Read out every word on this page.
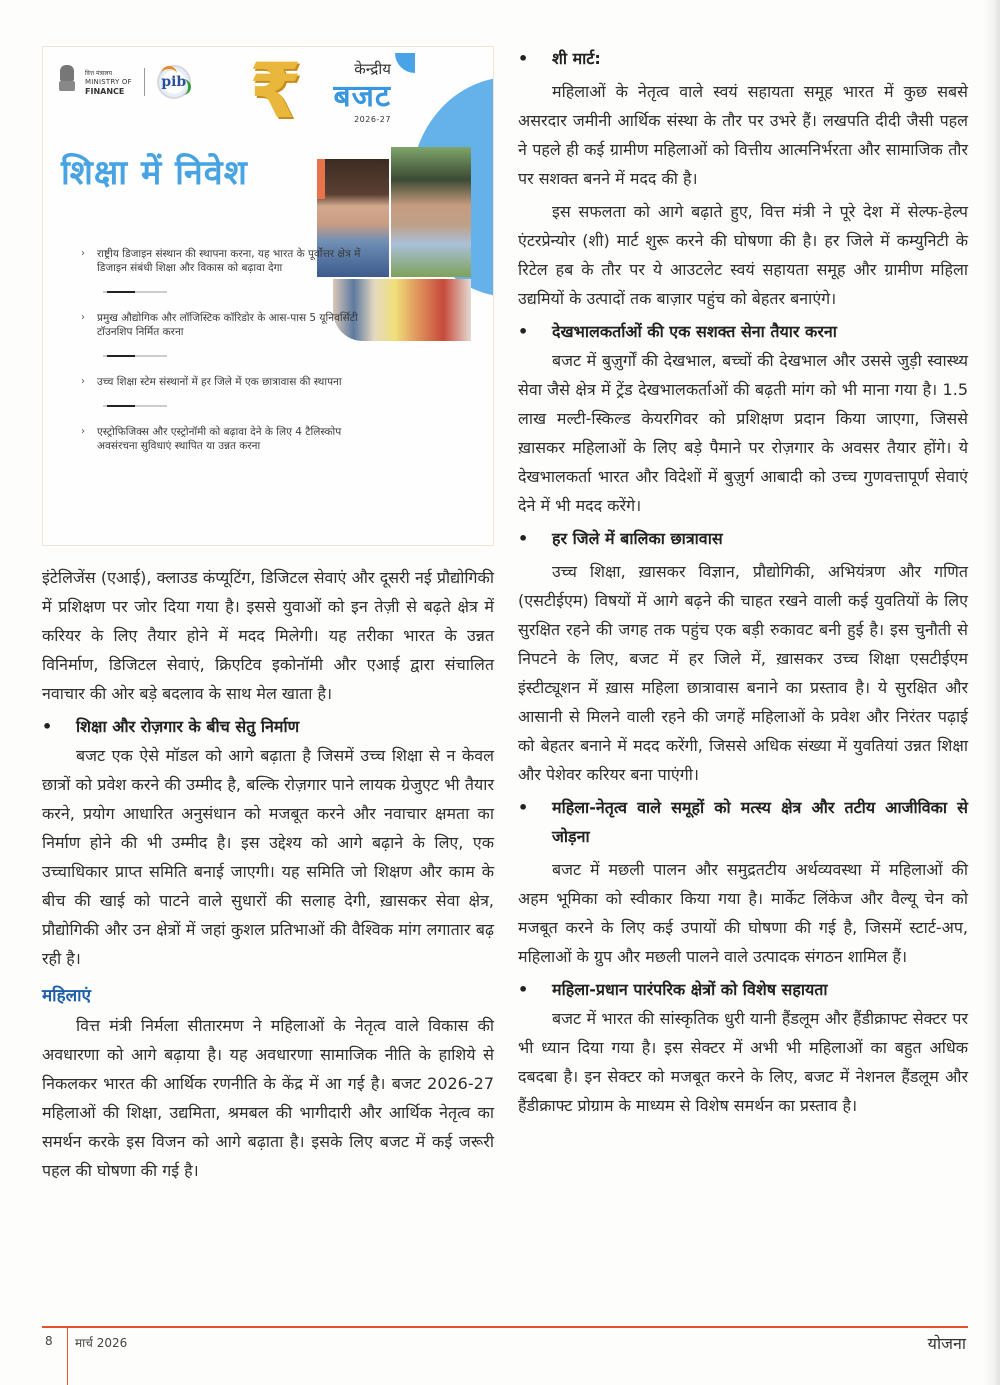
वित्त मंत्रालय
MINISTRY OF
FINANCE
pib ₹	केन्द्रीय
बजट
2026-27
शिक्षा में निवेश
› राष्ट्रीय डिजाइन संस्थान की स्थापना करना, यह भारत के पूर्वोत्तर क्षेत्र में डिजाइन संबंधी शिक्षा और विकास को बढ़ावा देगा
› प्रमुख औद्योगिक और लॉजिस्टिक कॉरिडोर के आस-पास 5 यूनिवर्सिटी टॉउनशिप निर्मित करना
› उच्च शिक्षा स्टेम संस्थानों में हर जिले में एक छात्रावास की स्थापना
› एस्ट्रोफिजिक्स और एस्ट्रोनॉमी को बढ़ावा देने के लिए 4 टैलिस्कोप अवसंरचना सुविधाएं स्थापित या उन्नत करना

इंटेलिजेंस (एआई), क्लाउड कंप्यूटिंग, डिजिटल सेवाएं और दूसरी नई प्रौद्योगिकी में प्रशिक्षण पर जोर दिया गया है। इससे युवाओं को इन तेज़ी से बढ़ते क्षेत्र में करियर के लिए तैयार होने में मदद मिलेगी। यह तरीका भारत के उन्नत विनिर्माण, डिजिटल सेवाएं, क्रिएटिव इकोनॉमी और एआई द्वारा संचालित नवाचार की ओर बड़े बदलाव के साथ मेल खाता है।

•	शिक्षा और रोज़गार के बीच सेतु निर्माण

बजट एक ऐसे मॉडल को आगे बढ़ाता है जिसमें उच्च शिक्षा से न केवल छात्रों को प्रवेश करने की उम्मीद है, बल्कि रोज़गार पाने लायक ग्रेजुएट भी तैयार करने, प्रयोग आधारित अनुसंधान को मजबूत करने और नवाचार क्षमता का निर्माण होने की भी उम्मीद है। इस उद्देश्य को आगे बढ़ाने के लिए, एक उच्चाधिकार प्राप्त समिति बनाई जाएगी। यह समिति जो शिक्षण और काम के बीच की खाई को पाटने वाले सुधारों की सलाह देगी, ख़ासकर सेवा क्षेत्र, प्रौद्योगिकी और उन क्षेत्रों में जहां कुशल प्रतिभाओं की वैश्विक मांग लगातार बढ़ रही है।

महिलाएं

वित्त मंत्री निर्मला सीतारमण ने महिलाओं के नेतृत्व वाले विकास की अवधारणा को आगे बढ़ाया है। यह अवधारणा सामाजिक नीति के हाशिये से निकलकर भारत की आर्थिक रणनीति के केंद्र में आ गई है। बजट 2026-27 महिलाओं की शिक्षा, उद्यमिता, श्रमबल की भागीदारी और आर्थिक नेतृत्व का समर्थन करके इस विजन को आगे बढ़ाता है। इसके लिए बजट में कई जरूरी पहल की घोषणा की गई है।

•	शी मार्ट:

महिलाओं के नेतृत्व वाले स्वयं सहायता समूह भारत में कुछ सबसे असरदार जमीनी आर्थिक संस्था के तौर पर उभरे हैं। लखपति दीदी जैसी पहल ने पहले ही कई ग्रामीण महिलाओं को वित्तीय आत्मनिर्भरता और सामाजिक तौर पर सशक्त बनने में मदद की है।

इस सफलता को आगे बढ़ाते हुए, वित्त मंत्री ने पूरे देश में सेल्फ-हेल्प एंटरप्रेन्योर (शी) मार्ट शुरू करने की घोषणा की है। हर जिले में कम्युनिटी के रिटेल हब के तौर पर ये आउटलेट स्वयं सहायता समूह और ग्रामीण महिला उद्यमियों के उत्पादों तक बाज़ार पहुंच को बेहतर बनाएंगे।

•	देखभालकर्ताओं की एक सशक्त सेना तैयार करना

बजट में बुज़ुर्गों की देखभाल, बच्चों की देखभाल और उससे जुड़ी स्वास्थ्य सेवा जैसे क्षेत्र में ट्रेंड देखभालकर्ताओं की बढ़ती मांग को भी माना गया है। 1.5 लाख मल्टी-स्किल्ड केयरगिवर को प्रशिक्षण प्रदान किया जाएगा, जिससे ख़ासकर महिलाओं के लिए बड़े पैमाने पर रोज़गार के अवसर तैयार होंगे। ये देखभालकर्ता भारत और विदेशों में बुज़ुर्ग आबादी को उच्च गुणवत्तापूर्ण सेवाएं देने में भी मदद करेंगे।

•	हर जिले में बालिका छात्रावास

उच्च शिक्षा, ख़ासकर विज्ञान, प्रौद्योगिकी, अभियंत्रण और गणित (एसटीईएम) विषयों में आगे बढ़ने की चाहत रखने वाली कई युवतियों के लिए सुरक्षित रहने की जगह तक पहुंच एक बड़ी रुकावट बनी हुई है। इस चुनौती से निपटने के लिए, बजट में हर जिले में, ख़ासकर उच्च शिक्षा एसटीईएम इंस्टीट्यूशन में ख़ास महिला छात्रावास बनाने का प्रस्ताव है। ये सुरक्षित और आसानी से मिलने वाली रहने की जगहें महिलाओं के प्रवेश और निरंतर पढ़ाई को बेहतर बनाने में मदद करेंगी, जिससे अधिक संख्या में युवतियां उन्नत शिक्षा और पेशेवर करियर बना पाएंगी।

•	महिला-नेतृत्व वाले समूहों को मत्स्य क्षेत्र और तटीय आजीविका से जोड़ना

बजट में मछली पालन और समुद्रतटीय अर्थव्यवस्था में महिलाओं की अहम भूमिका को स्वीकार किया गया है। मार्केट लिंकेज और वैल्यू चेन को मजबूत करने के लिए कई उपायों की घोषणा की गई है, जिसमें स्टार्ट-अप, महिलाओं के ग्रुप और मछली पालने वाले उत्पादक संगठन शामिल हैं।

•	महिला-प्रधान पारंपरिक क्षेत्रों को विशेष सहायता

बजट में भारत की सांस्कृतिक धुरी यानी हैंडलूम और हैंडीक्राफ्ट सेक्टर पर भी ध्यान दिया गया है। इस सेक्टर में अभी भी महिलाओं का बहुत अधिक दबदबा है। इन सेक्टर को मजबूत करने के लिए, बजट में नेशनल हैंडलूम और हैंडीक्राफ्ट प्रोग्राम के माध्यम से विशेष समर्थन का प्रस्ताव है।

8 मार्च 2026	योजना
